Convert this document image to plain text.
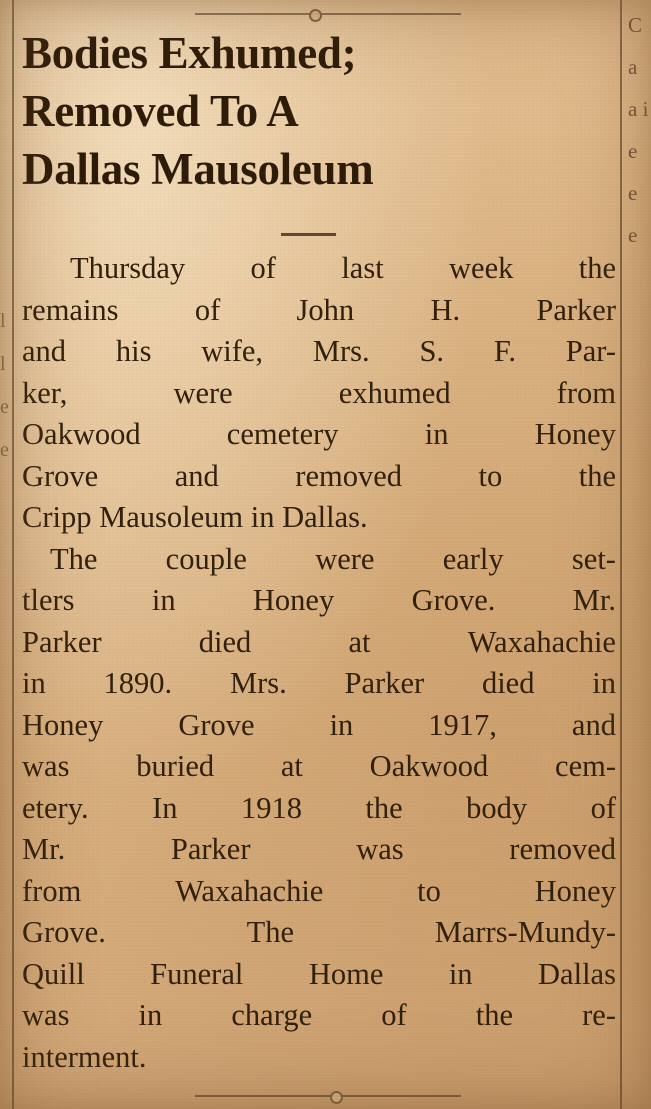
l l e e
C a a i e e e
Bodies Exhumed;
Removed To A
Dallas Mausoleum
Thursday of last week the
remains	of	John	H.	Parker
and his wife, Mrs. S. F. Par-
ker,	were	exhumed	from
Oakwood	cemetery	in	Honey
Grove	and	removed	to	the
Cripp Mausoleum in Dallas.
The couple were early set-
tlers	in	Honey	Grove.	Mr.
Parker	died	at	Waxahachie
in 1890. Mrs. Parker died in
Honey Grove in 1917, and
was buried at Oakwood cem-
etery. In 1918 the body of
Mr.	Parker	was	removed
from	Waxahachie	to	Honey
Grove.	The	Marrs-Mundy-
Quill Funeral Home in Dallas
was in charge of the re-
interment.
